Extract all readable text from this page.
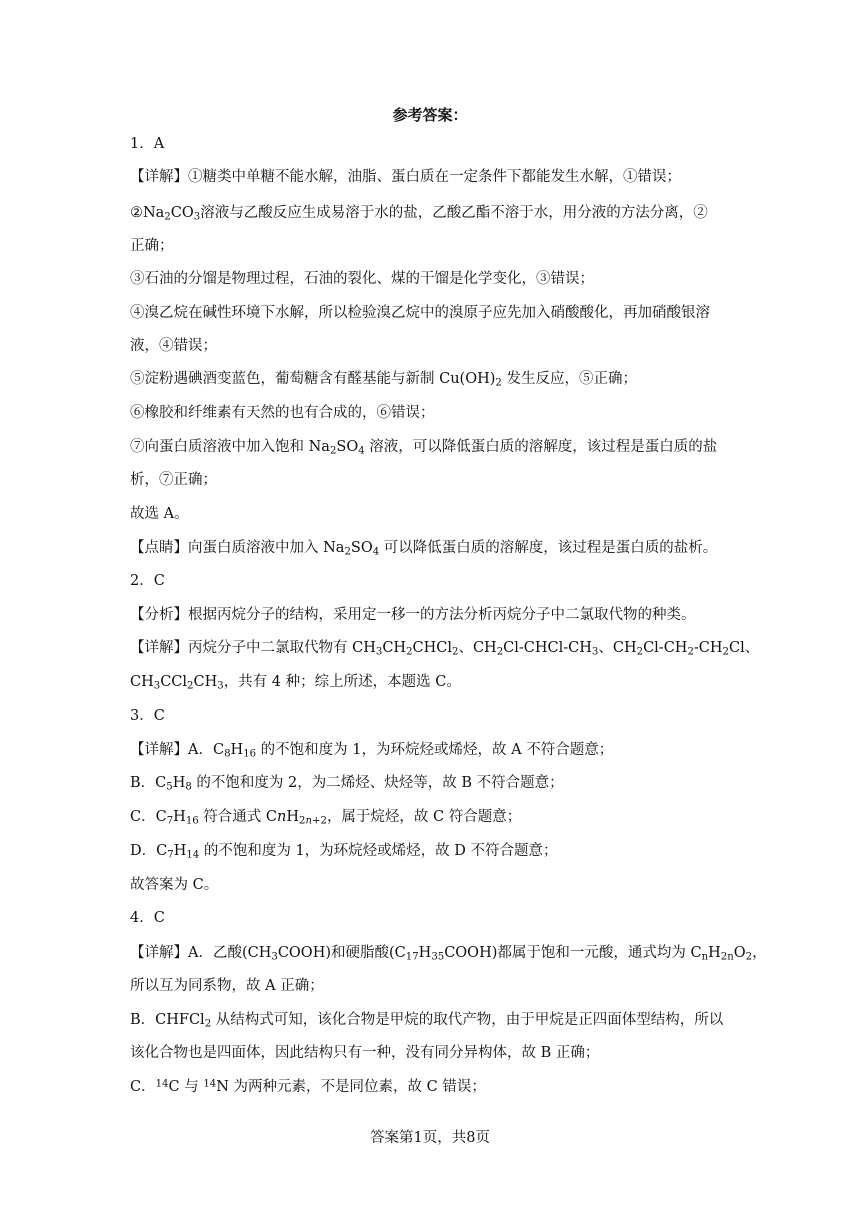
参考答案：
1．A
【详解】①糖类中单糖不能水解，油脂、蛋白质在一定条件下都能发生水解，①错误；
$②Na_2CO_3$溶液与乙酸反应生成易溶于水的盐，乙酸乙酯不溶于水，用分液的方法分离，②
正确；
③石油的分馏是物理过程，石油的裂化、煤的干馏是化学变化，③错误；
④溴乙烷在碱性环境下水解，所以检验溴乙烷中的溴原子应先加入硝酸酸化，再加硝酸银溶
液，④错误；
⑤淀粉遇碘酒变蓝色，葡萄糖含有醛基能与新制 $Cu(OH)_2$ 发生反应，⑤正确；
⑥橡胶和纤维素有天然的也有合成的，⑥错误；
⑦向蛋白质溶液中加入饱和 $Na_2SO_4$ 溶液，可以降低蛋白质的溶解度，该过程是蛋白质的盐
析，⑦正确；
故选 A。
【点睛】向蛋白质溶液中加入 $Na_2SO_4$ 可以降低蛋白质的溶解度，该过程是蛋白质的盐析。
2．C
【分析】根据丙烷分子的结构，采用定一移一的方法分析丙烷分子中二氯取代物的种类。
【详解】丙烷分子中二氯取代物有 $CH_3CH_2CHCl_2$、$CH_2Cl-CHCl-CH_3$、$CH_2Cl-CH_2-CH_2Cl$、
$CH_3CCl_2CH_3$，共有 4 种；综上所述，本题选 C。
3．C
【详解】A．$C_8H_{16}$ 的不饱和度为 1，为环烷烃或烯烃，故 A 不符合题意；
B．$C_5H_8$ 的不饱和度为 2，为二烯烃、炔烃等，故 B 不符合题意；
C．$C_7H_{16}$ 符合通式 CnH$_{2n+2}$，属于烷烃，故 C 符合题意；
D．$C_7H_{14}$ 的不饱和度为 1，为环烷烃或烯烃，故 D 不符合题意；
故答案为 C。
4．C
【详解】A．乙酸$(CH_3COOH)$和硬脂酸$(C_{17}H_{35}COOH)$都属于饱和一元酸，通式均为 $C_nH_{2n}O_2$，
所以互为同系物，故 A 正确；
B．CHFCl$_2$ 从结构式可知，该化合物是甲烷的取代产物，由于甲烷是正四面体型结构，所以
该化合物也是四面体，因此结构只有一种，没有同分异构体，故 B 正确；
C．$^{14}$C 与 $^{14}$N 为两种元素，不是同位素，故 C 错误；
答案第1页，共8页
